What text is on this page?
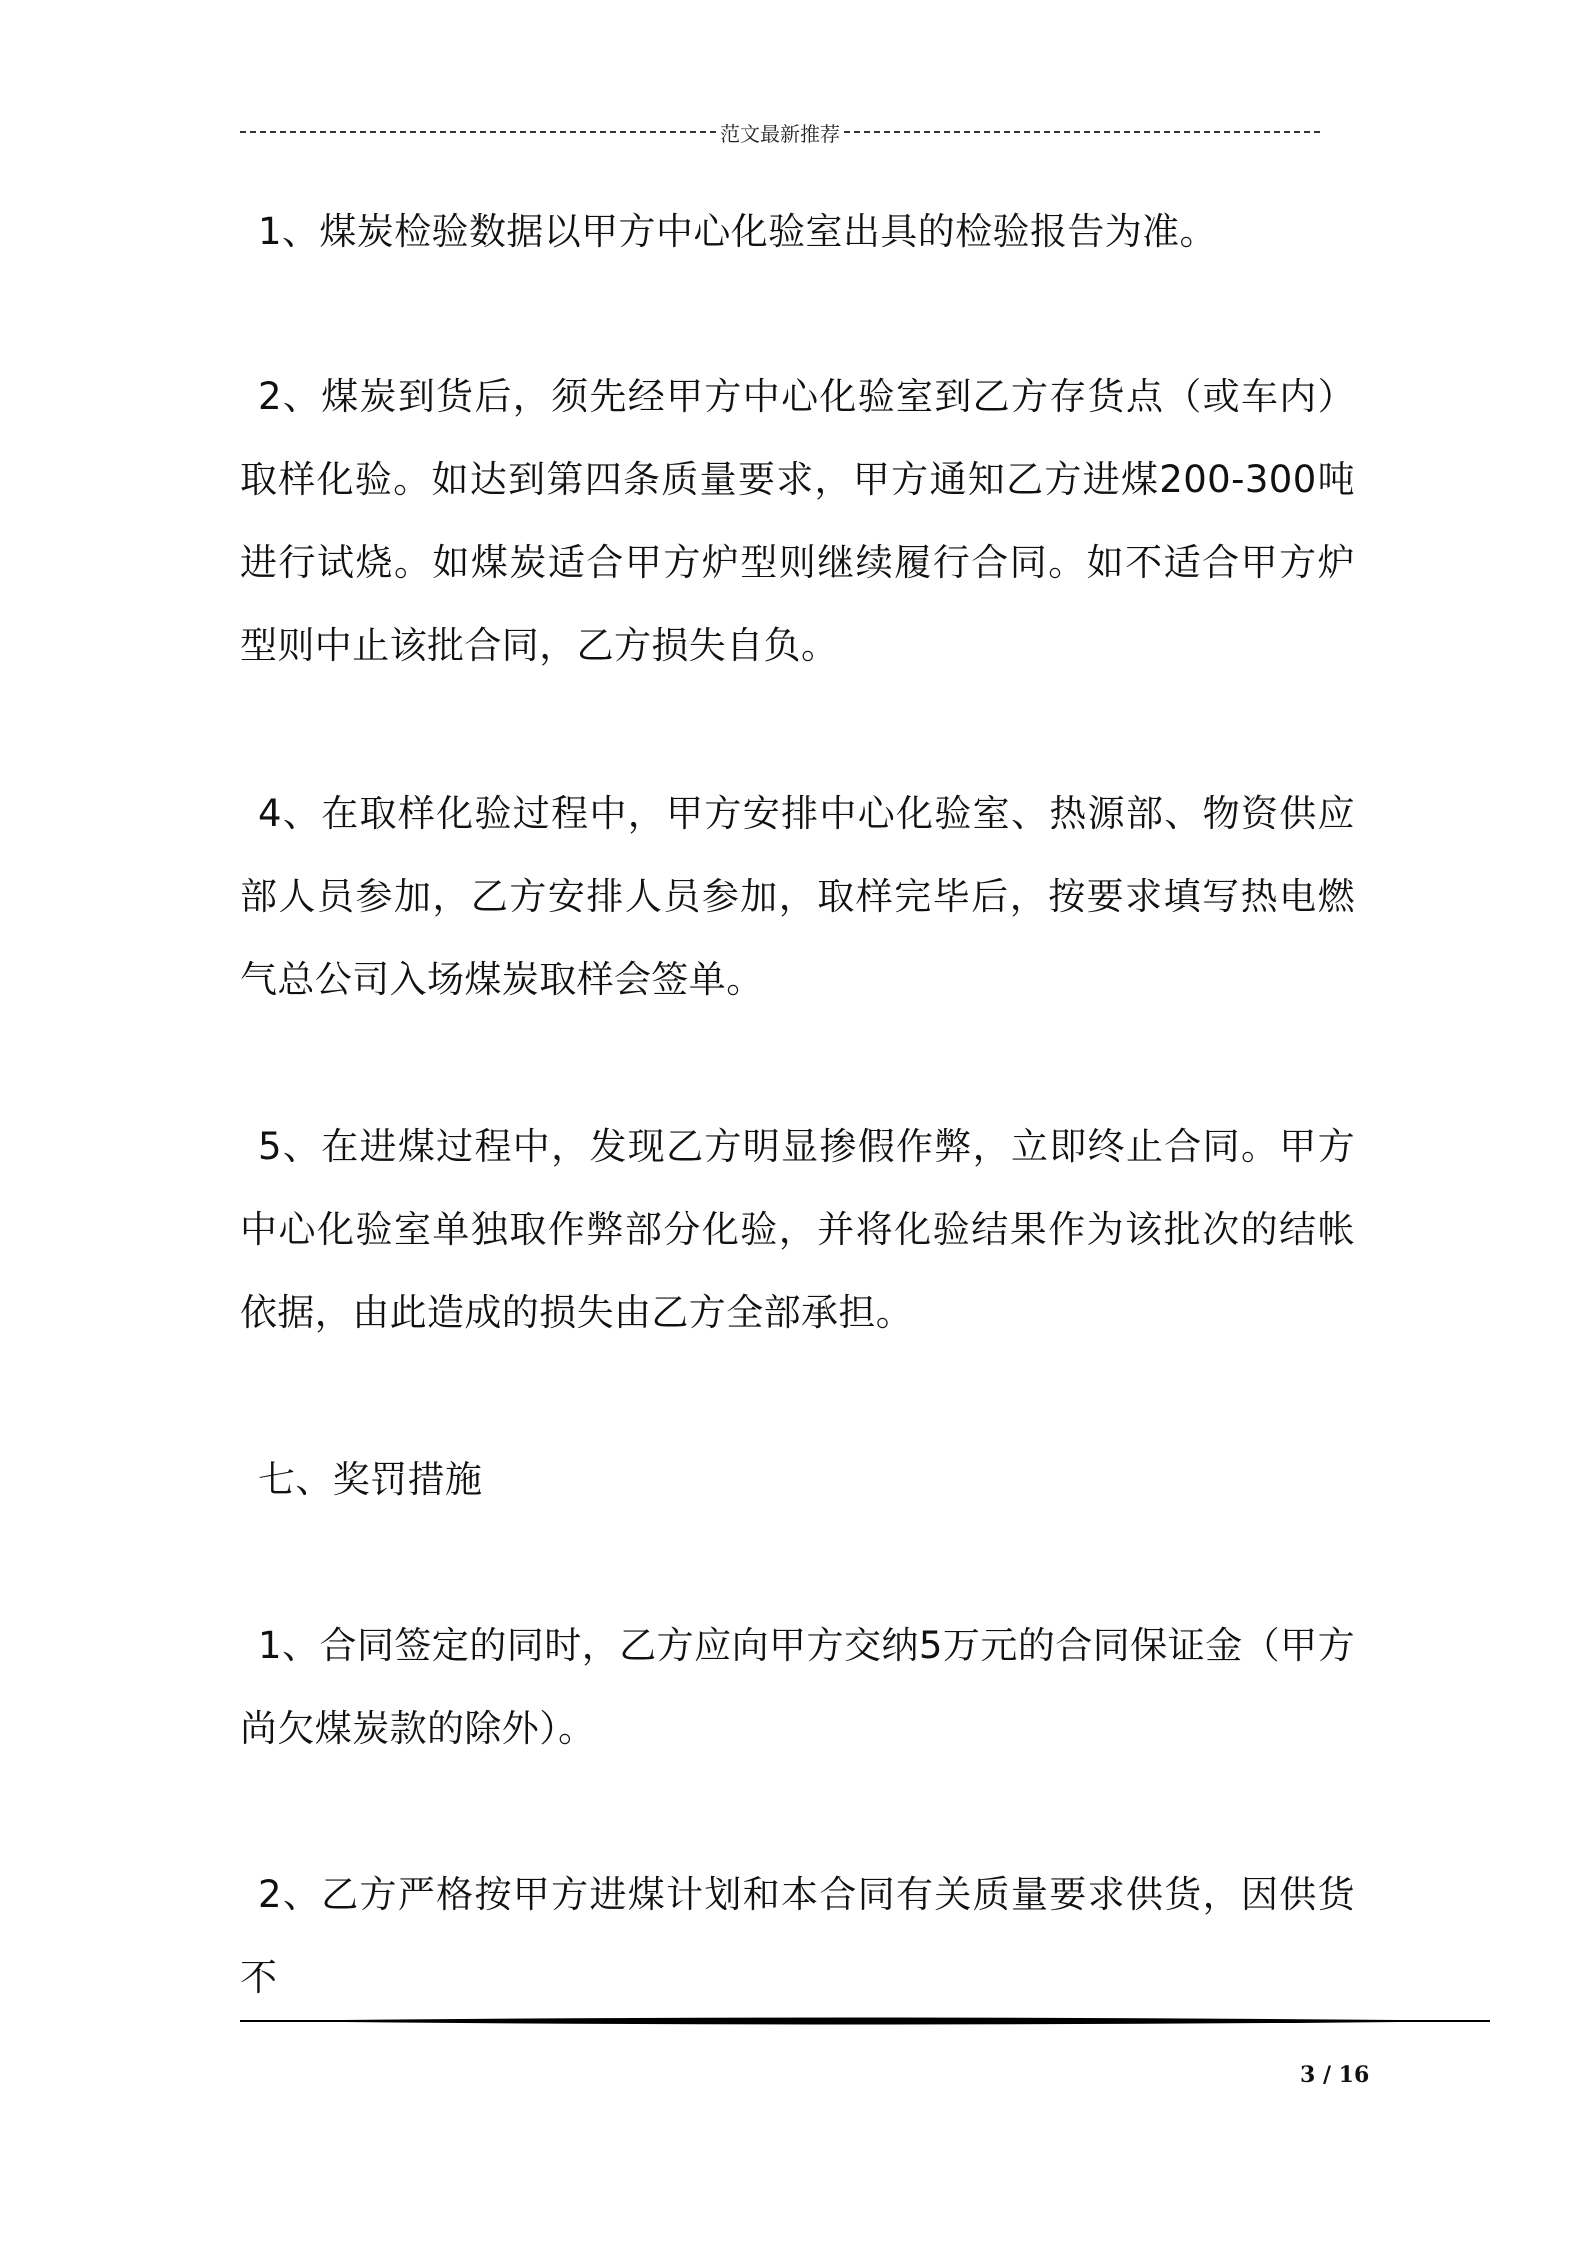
范文最新推荐

1、煤炭检验数据以甲方中心化验室出具的检验报告为准。

2、煤炭到货后，须先经甲方中心化验室到乙方存货点（或车内）取样化验。如达到第四条质量要求，甲方通知乙方进煤200-300吨进行试烧。如煤炭适合甲方炉型则继续履行合同。如不适合甲方炉型则中止该批合同，乙方损失自负。

4、在取样化验过程中，甲方安排中心化验室、热源部、物资供应部人员参加，乙方安排人员参加，取样完毕后，按要求填写热电燃气总公司入场煤炭取样会签单。

5、在进煤过程中，发现乙方明显掺假作弊，立即终止合同。甲方中心化验室单独取作弊部分化验，并将化验结果作为该批次的结帐依据，由此造成的损失由乙方全部承担。

七、奖罚措施

1、合同签定的同时，乙方应向甲方交纳5万元的合同保证金（甲方尚欠煤炭款的除外）。

2、乙方严格按甲方进煤计划和本合同有关质量要求供货，因供货不

3 / 16
